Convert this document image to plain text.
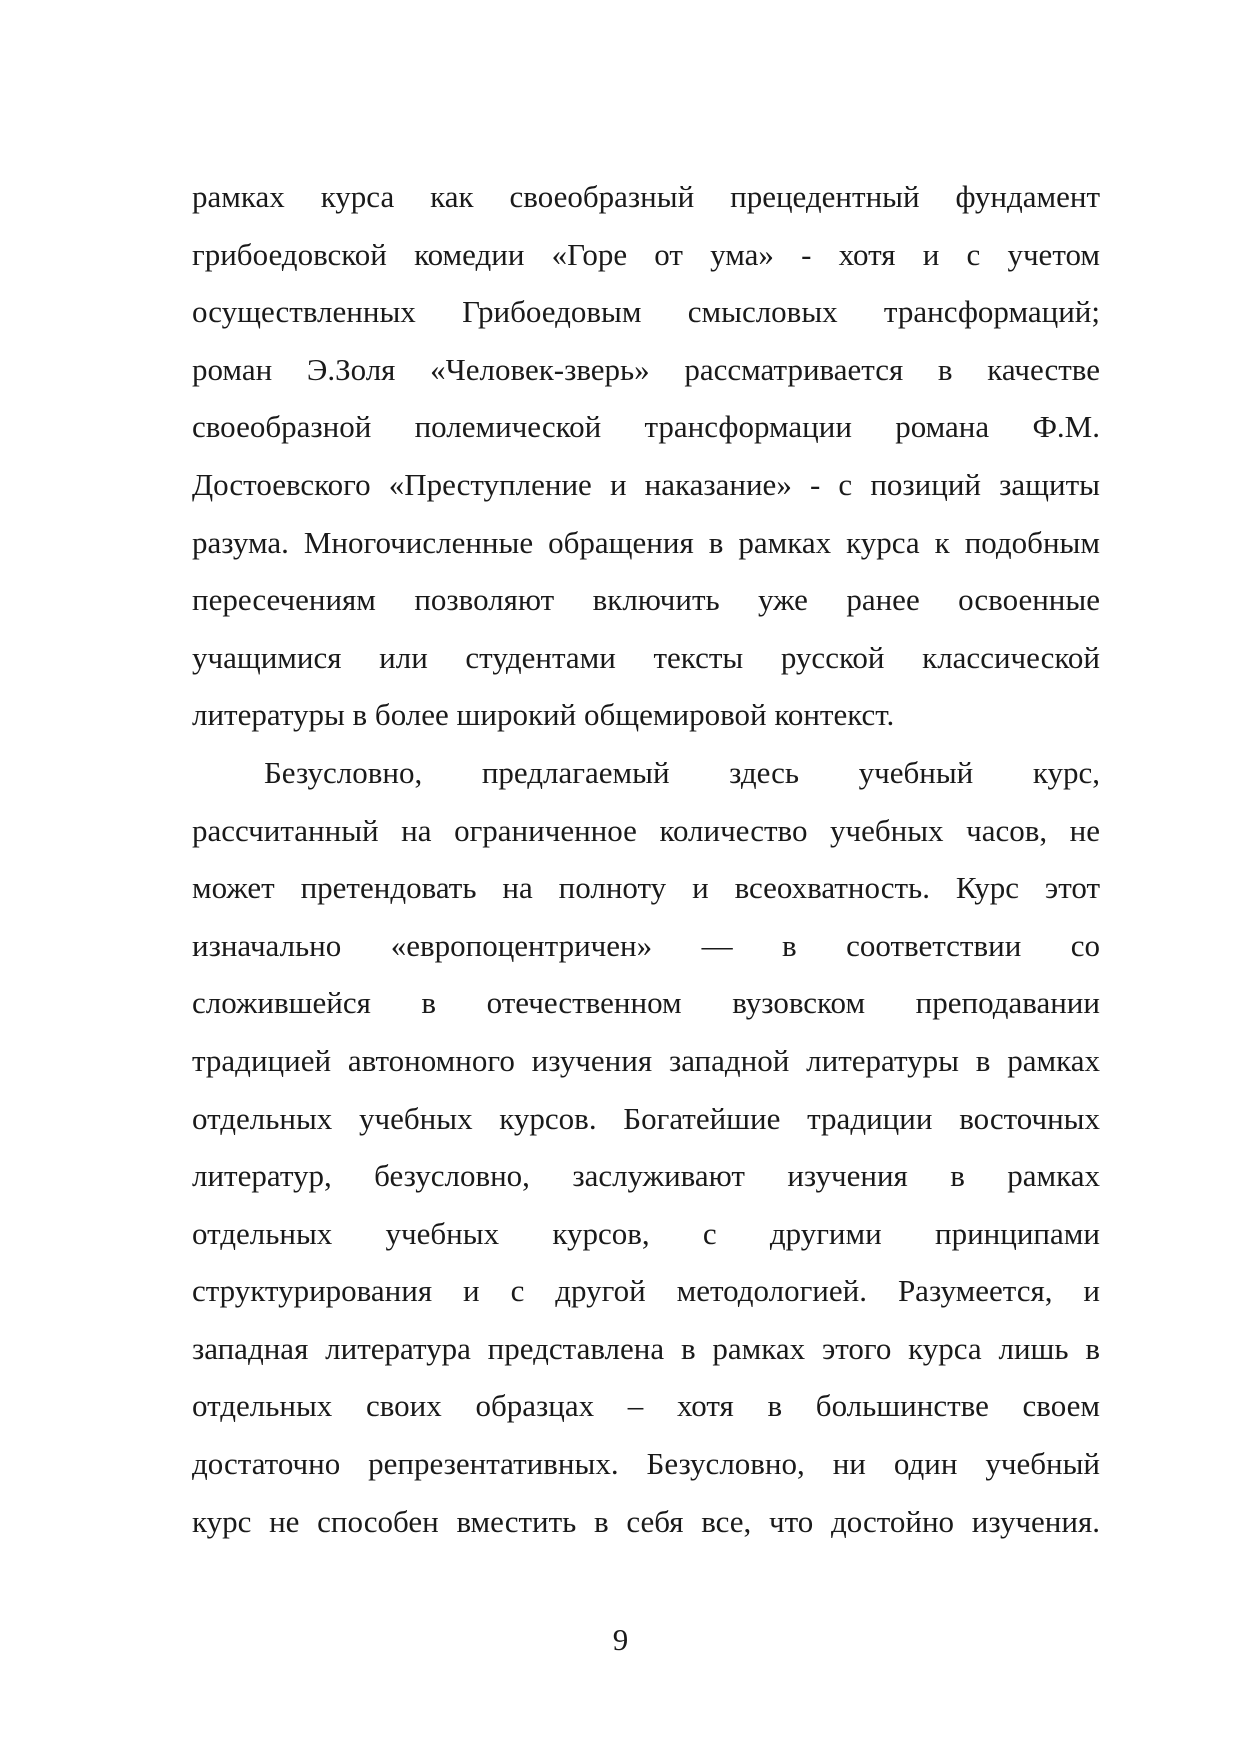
рамках курса как своеобразный прецедентный фундамент
грибоедовской комедии «Горе от ума» - хотя и с учетом
осуществленных Грибоедовым смысловых трансформаций;
роман Э.Золя «Человек-зверь» рассматривается в качестве
своеобразной полемической трансформации романа Ф.М.
Достоевского «Преступление и наказание» - с позиций защиты
разума. Многочисленные обращения в рамках курса к подобным
пересечениям позволяют включить уже ранее освоенные
учащимися или студентами тексты русской классической
литературы в более широкий общемировой контекст.
Безусловно, предлагаемый здесь учебный курс,
рассчитанный на ограниченное количество учебных часов, не
может претендовать на полноту и всеохватность. Курс этот
изначально «европоцентричен» — в соответствии со
сложившейся в отечественном вузовском преподавании
традицией автономного изучения западной литературы в рамках
отдельных учебных курсов. Богатейшие традиции восточных
литератур, безусловно, заслуживают изучения в рамках
отдельных учебных курсов, с другими принципами
структурирования и с другой методологией. Разумеется, и
западная литература представлена в рамках этого курса лишь в
отдельных своих образцах – хотя в большинстве своем
достаточно репрезентативных. Безусловно, ни один учебный
курс не способен вместить в себя все, что достойно изучения.
9
